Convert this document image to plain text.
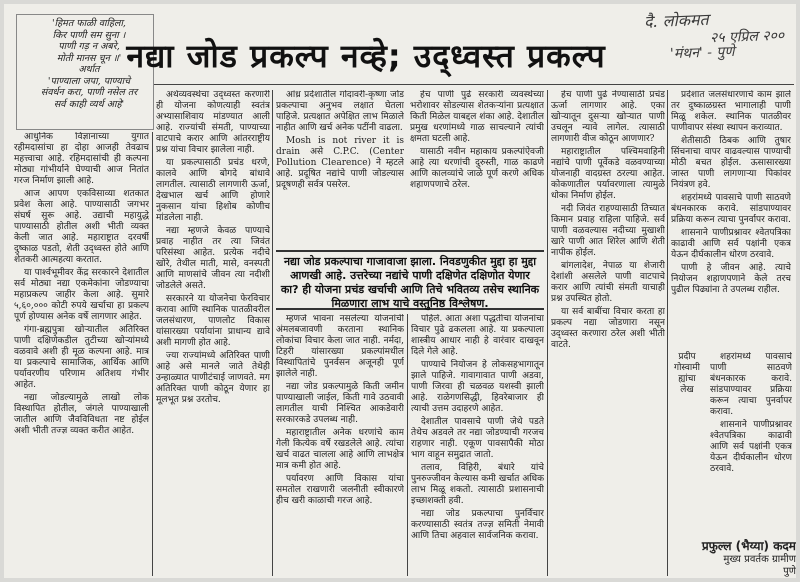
दै. लोकमत
२५ एप्रिल २००
'मंथन' - पुणे
'हिमत फाळी वाहिला,
किर पाणी सम सुना ।
पाणी गड़ न अबरे,
मोती मानस चून ॥'
अर्थात
'पाण्याला जपा, पाण्याचे
संवर्धन करा, पाणी नसेल तर
सर्व काही व्यर्थ आहे'
नद्या जोड प्रकल्प नव्हे; उद्ध्वस्त प्रकल्प

आधुनिक विज्ञानाच्या युगात रहीमदासांचा हा दोहा आजही तेवढाच महत्त्वाचा आहे. रहिमदासांची ही कल्पना मोठ्या गांभीर्याने घेण्याची आज नितांत गरज निर्माण झाली आहे.

आज आपण एकविसाव्या शतकात प्रवेश केला आहे. पाण्यासाठी जगभर संघर्ष सुरू आहे. उद्याची महायुद्धे पाण्यासाठी होतील अशी भीती व्यक्त केली जात आहे. महाराष्ट्रात दरवर्षी दुष्काळ पडतो, शेती उद्ध्वस्त होते आणि शेतकरी आत्महत्या करतात.

या पार्श्वभूमीवर केंद्र सरकारने देशातील सर्व मोठ्या नद्या एकमेकांना जोडण्याचा महाप्रकल्प जाहीर केला आहे. सुमारे ५,६०,००० कोटी रुपये खर्चाचा हा प्रकल्प पूर्ण होण्यास अनेक वर्षे लागणार आहेत.

गंगा-ब्रह्मपुत्रा खोऱ्यातील अतिरिक्त पाणी दक्षिणेकडील तुटीच्या खोऱ्यांमध्ये वळवावे अशी ही मूळ कल्पना आहे. मात्र या प्रकल्पाचे सामाजिक, आर्थिक आणि पर्यावरणीय परिणाम अतिशय गंभीर आहेत.

नद्या जोडल्यामुळे लाखो लोक विस्थापित होतील, जंगले पाण्याखाली जातील आणि जैवविविधता नष्ट होईल अशी भीती तज्ज्ञ व्यक्त करीत आहेत.

अर्थव्यवस्थेचा उद्ध्वस्त करणारी ही योजना कोणत्याही स्वतंत्र अभ्यासाशिवाय मांडण्यात आली आहे. राज्यांची संमती, पाण्याच्या वाटपाचे करार आणि आंतरराष्ट्रीय प्रश्न यांचा विचार झालेला नाही.

या प्रकल्पासाठी प्रचंड धरणे, कालवे आणि बोगदे बांधावे लागतील. त्यासाठी लागणारी ऊर्जा, देखभाल खर्च आणि होणारे नुकसान यांचा हिशोब कोणीच मांडलेला नाही.

नद्या म्हणजे केवळ पाण्याचे प्रवाह नाहीत तर त्या जिवंत परिसंस्था आहेत. प्रत्येक नदीचे खोरे, तेथील माती, मासे, वनस्पती आणि माणसांचे जीवन त्या नदीशी जोडलेले असते.

सरकारने या योजनेचा फेरविचार करावा आणि स्थानिक पातळीवरील जलसंधारण, पाणलोट विकास यांसारख्या पर्यायांना प्राधान्य द्यावे अशी मागणी होत आहे.

ज्या राज्यांमध्ये अतिरिक्त पाणी आहे असे मानले जाते तेथेही उन्हाळ्यात पाणीटंचाई जाणवते. मग अतिरिक्त पाणी कोठून येणार हा मूलभूत प्रश्न उरतोच.

आंध्र प्रदेशातील गोदावरी-कृष्णा जोड प्रकल्पाचा अनुभव लक्षात घेतला पाहिजे. प्रत्यक्षात अपेक्षित लाभ मिळाले नाहीत आणि खर्च अनेक पटींनी वाढला.

Mosh is not river it is drain असे C.P.C. (Center Pollution Clearence) ने म्हटले आहे. प्रदूषित नद्यांचे पाणी जोडल्यास प्रदूषणही सर्वत्र पसरेल.

हेच पाणी पुढे सरकारी व्यवस्थेच्या भरोशावर सोडल्यास शेतकऱ्यांना प्रत्यक्षात किती मिळेल याबद्दल शंका आहे. देशातील प्रमुख धरणांमध्ये गाळ साचल्याने त्यांची क्षमता घटली आहे.

यासाठी नवीन महाकाय प्रकल्पांऐवजी आहे त्या धरणांची दुरुस्ती, गाळ काढणे आणि कालव्यांचे जाळे पूर्ण करणे अधिक शहाणपणाचे ठरेल.

नद्या जोड प्रकल्पाचा गाजावाजा झाला. निवडणुकीत मुद्दा हा मुद्दा आणखी आहे. उत्तरेच्या नद्यांचे पाणी दक्षिणेत दक्षिणोत येणार का? ही योजना प्रचंड खर्चाची आणि तिचे भवितव्य तसेच स्थानिक मिळणारा लाभ याचे वस्तुनिष्ठ विश्लेषण.

म्हणजे भावना नसलेल्या योजनांची अंमलबजावणी करताना स्थानिक लोकांचा विचार केला जात नाही. नर्मदा, टिहरी यांसारख्या प्रकल्पांमधील विस्थापितांचे पुनर्वसन अजूनही पूर्ण झालेले नाही.

नद्या जोड प्रकल्पामुळे किती जमीन पाण्याखाली जाईल, किती गावे उठवावी लागतील याची निश्चित आकडेवारी सरकारकडे उपलब्ध नाही.

महाराष्ट्रातील अनेक धरणांचे काम गेली कित्येक वर्षे रखडलेले आहे. त्यांचा खर्च वाढत चालला आहे आणि लाभक्षेत्र मात्र कमी होत आहे.

पर्यावरण आणि विकास यांचा समतोल राखणारी जलनीती स्वीकारणे हीच खरी काळाची गरज आहे.

पहिले. आता अशा पद्धतीचा योजनांचा विचार पुढे ढकलला आहे. या प्रकल्पाला शास्त्रीय आधार नाही हे वारंवार दाखवून दिले गेले आहे.

पाण्याचे नियोजन हे लोकसहभागातून झाले पाहिजे. गावागावात पाणी अडवा, पाणी जिरवा ही चळवळ यशस्वी झाली आहे. राळेगणसिद्धी, हिवरेबाजार ही त्याची उत्तम उदाहरणे आहेत.

देशातील पावसाचे पाणी जेथे पडते तेथेच अडवले तर नद्या जोडण्याची गरजच राहणार नाही. एकूण पावसापैकी मोठा भाग वाहून समुद्रात जातो.

तलाव, विहिरी, बंधारे यांचे पुनरुज्जीवन केल्यास कमी खर्चात अधिक लाभ मिळू शकतो. त्यासाठी प्रशासनाची इच्छाशक्ती हवी.

नद्या जोड प्रकल्पाचा पुनर्विचार करण्यासाठी स्वतंत्र तज्ज्ञ समिती नेमावी आणि तिचा अहवाल सार्वजनिक करावा.

हेच पाणी पुढे नेण्यासाठी प्रचंड ऊर्जा लागणार आहे. एका खोऱ्यातून दुसऱ्या खोऱ्यात पाणी उचलून न्यावे लागेल. त्यासाठी लागणारी वीज कोठून आणणार?

महाराष्ट्रातील पश्चिमवाहिनी नद्यांचे पाणी पूर्वेकडे वळवण्याच्या योजनाही वादग्रस्त ठरल्या आहेत. कोकणातील पर्यावरणाला त्यामुळे धोका निर्माण होईल.

नदी जिवंत राहण्यासाठी तिच्यात किमान प्रवाह राहिला पाहिजे. सर्व पाणी वळवल्यास नदीच्या मुखाशी खारे पाणी आत शिरेल आणि शेती नापीक होईल.

बांगलादेश, नेपाळ या शेजारी देशांशी असलेले पाणी वाटपाचे करार आणि त्यांची संमती याचाही प्रश्न उपस्थित होतो.

या सर्व बाबींचा विचार करता हा प्रकल्प नद्या जोडणारा नसून उद्ध्वस्त करणारा ठरेल अशी भीती वाटते.

प्रदेशात जलसंधारणाचे काम झाले तर दुष्काळग्रस्त भागालाही पाणी मिळू शकेल. स्थानिक पातळीवर पाणीवापर संस्था स्थापन कराव्यात.

शेतीसाठी ठिबक आणि तुषार सिंचनाचा वापर वाढवल्यास पाण्याची मोठी बचत होईल. ऊसासारख्या जास्त पाणी लागणाऱ्या पिकांवर नियंत्रण हवे.

शहरांमध्ये पावसाचे पाणी साठवणे बंधनकारक करावे. सांडपाण्यावर प्रक्रिया करून त्याचा पुनर्वापर करावा.

शासनाने पाणीप्रश्नावर श्वेतपत्रिका काढावी आणि सर्व पक्षांनी एकत्र येऊन दीर्घकालीन धोरण ठरवावे.

पाणी हे जीवन आहे. त्याचे नियोजन शहाणपणाने केले तरच पुढील पिढ्यांना ते उपलब्ध राहील.

प्रदीप
गोस्वामी
ह्यांचा
लेख

शहरांमध्ये पावसाचे पाणी साठवणे बंधनकारक करावे. सांडपाण्यावर प्रक्रिया करून त्याचा पुनर्वापर करावा.

शासनाने पाणीप्रश्नावर श्वेतपत्रिका काढावी आणि सर्व पक्षांनी एकत्र येऊन दीर्घकालीन धोरण ठरवावे.

प्रफुल्ल (भैय्या) कदम
मुख्य प्रवर्तक ग्रामीण
पुणे
